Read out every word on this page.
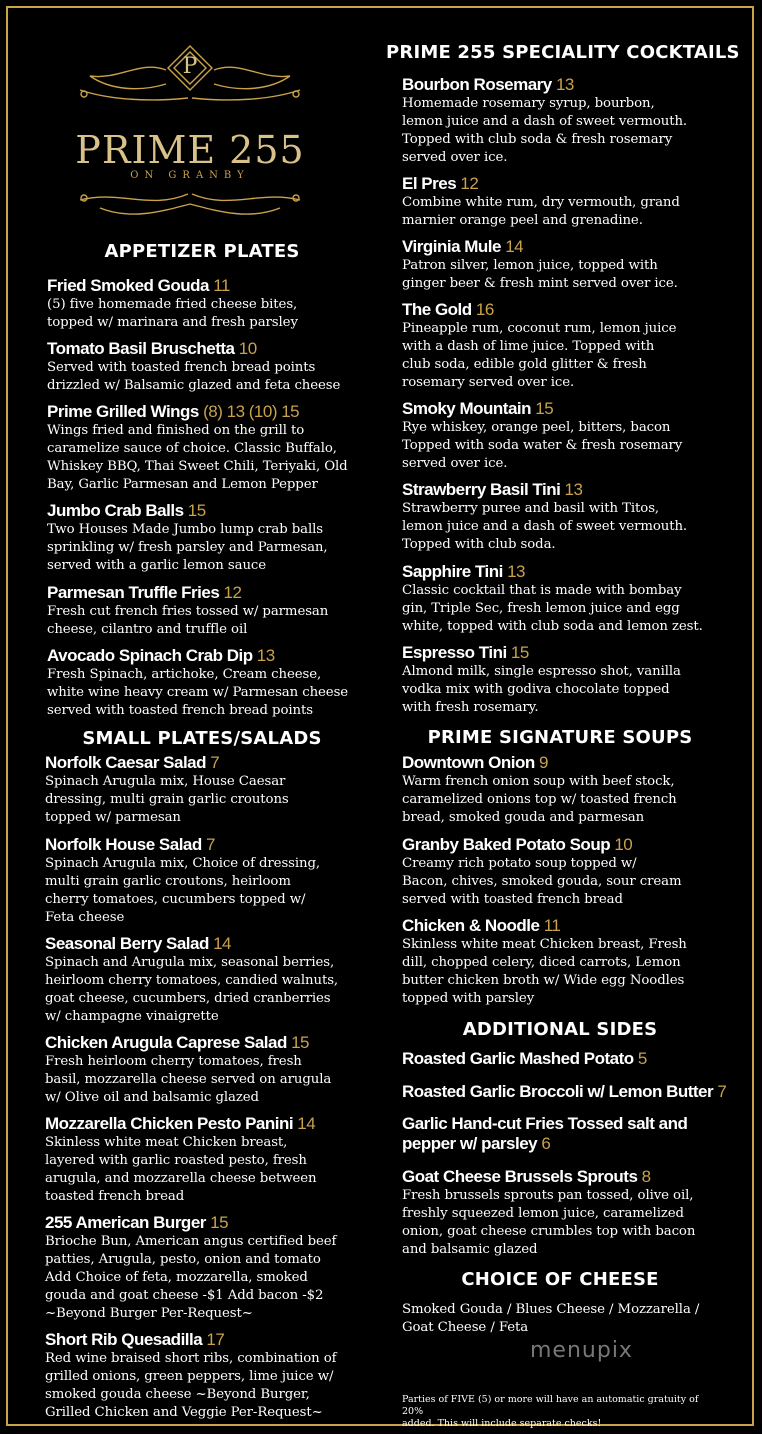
P
PRIME 255
ON GRANBY
APPETIZER PLATES
Fried Smoked Gouda 11
(5) five homemade fried cheese bites,
topped w/ marinara and fresh parsley
Tomato Basil Bruschetta 10
Served with toasted french bread points
drizzled w/ Balsamic glazed and feta cheese
Prime Grilled Wings (8) 13 (10) 15
Wings fried and finished on the grill to
caramelize sauce of choice. Classic Buffalo,
Whiskey BBQ, Thai Sweet Chili, Teriyaki, Old
Bay, Garlic Parmesan and Lemon Pepper
Jumbo Crab Balls 15
Two Houses Made Jumbo lump crab balls
sprinkling w/ fresh parsley and Parmesan,
served with a garlic lemon sauce
Parmesan Truffle Fries 12
Fresh cut french fries tossed w/ parmesan
cheese, cilantro and truffle oil
Avocado Spinach Crab Dip 13
Fresh Spinach, artichoke, Cream cheese,
white wine heavy cream w/ Parmesan cheese
served with toasted french bread points
SMALL PLATES/SALADS
Norfolk Caesar Salad 7
Spinach Arugula mix, House Caesar
dressing, multi grain garlic croutons
topped w/ parmesan
Norfolk House Salad 7
Spinach Arugula mix, Choice of dressing,
multi grain garlic croutons, heirloom
cherry tomatoes, cucumbers topped w/
Feta cheese
Seasonal Berry Salad 14
Spinach and Arugula mix, seasonal berries,
heirloom cherry tomatoes, candied walnuts,
goat cheese, cucumbers, dried cranberries
w/ champagne vinaigrette
Chicken Arugula Caprese Salad 15
Fresh heirloom cherry tomatoes, fresh
basil, mozzarella cheese served on arugula
w/ Olive oil and balsamic glazed
Mozzarella Chicken Pesto Panini 14
Skinless white meat Chicken breast,
layered with garlic roasted pesto, fresh
arugula, and mozzarella cheese between
toasted french bread
255 American Burger 15
Brioche Bun, American angus certified beef
patties, Arugula, pesto, onion and tomato
Add Choice of feta, mozzarella, smoked
gouda and goat cheese -$1 Add bacon -$2
~Beyond Burger Per-Request~
Short Rib Quesadilla 17
Red wine braised short ribs, combination of
grilled onions, green peppers, lime juice w/
smoked gouda cheese ~Beyond Burger,
Grilled Chicken and Veggie Per-Request~
PRIME 255 SPECIALITY COCKTAILS
Bourbon Rosemary 13
Homemade rosemary syrup, bourbon,
lemon juice and a dash of sweet vermouth.
Topped with club soda & fresh rosemary
served over ice.
El Pres 12
Combine white rum, dry vermouth, grand
marnier orange peel and grenadine.
Virginia Mule 14
Patron silver, lemon juice, topped with
ginger beer & fresh mint served over ice.
The Gold 16
Pineapple rum, coconut rum, lemon juice
with a dash of lime juice. Topped with
club soda, edible gold glitter & fresh
rosemary served over ice.
Smoky Mountain 15
Rye whiskey, orange peel, bitters, bacon
Topped with soda water & fresh rosemary
served over ice.
Strawberry Basil Tini 13
Strawberry puree and basil with Titos,
lemon juice and a dash of sweet vermouth.
Topped with club soda.
Sapphire Tini 13
Classic cocktail that is made with bombay
gin, Triple Sec, fresh lemon juice and egg
white, topped with club soda and lemon zest.
Espresso Tini 15
Almond milk, single espresso shot, vanilla
vodka mix with godiva chocolate topped
with fresh rosemary.
PRIME SIGNATURE SOUPS
Downtown Onion 9
Warm french onion soup with beef stock,
caramelized onions top w/ toasted french
bread, smoked gouda and parmesan
Granby Baked Potato Soup 10
Creamy rich potato soup topped w/
Bacon, chives, smoked gouda, sour cream
served with toasted french bread
Chicken & Noodle 11
Skinless white meat Chicken breast, Fresh
dill, chopped celery, diced carrots, Lemon
butter chicken broth w/ Wide egg Noodles
topped with parsley
ADDITIONAL SIDES
Roasted Garlic Mashed Potato 5
Roasted Garlic Broccoli w/ Lemon Butter 7
Garlic Hand-cut Fries Tossed salt and
pepper w/ parsley 6
Goat Cheese Brussels Sprouts 8
Fresh brussels sprouts pan tossed, olive oil,
freshly squeezed lemon juice, caramelized
onion, goat cheese crumbles top with bacon
and balsamic glazed
CHOICE OF CHEESE
Smoked Gouda / Blues Cheese / Mozzarella /
Goat Cheese / Feta
menupix
Parties of FIVE (5) or more will have an automatic gratuity of 20%
added. This will include separate checks!
